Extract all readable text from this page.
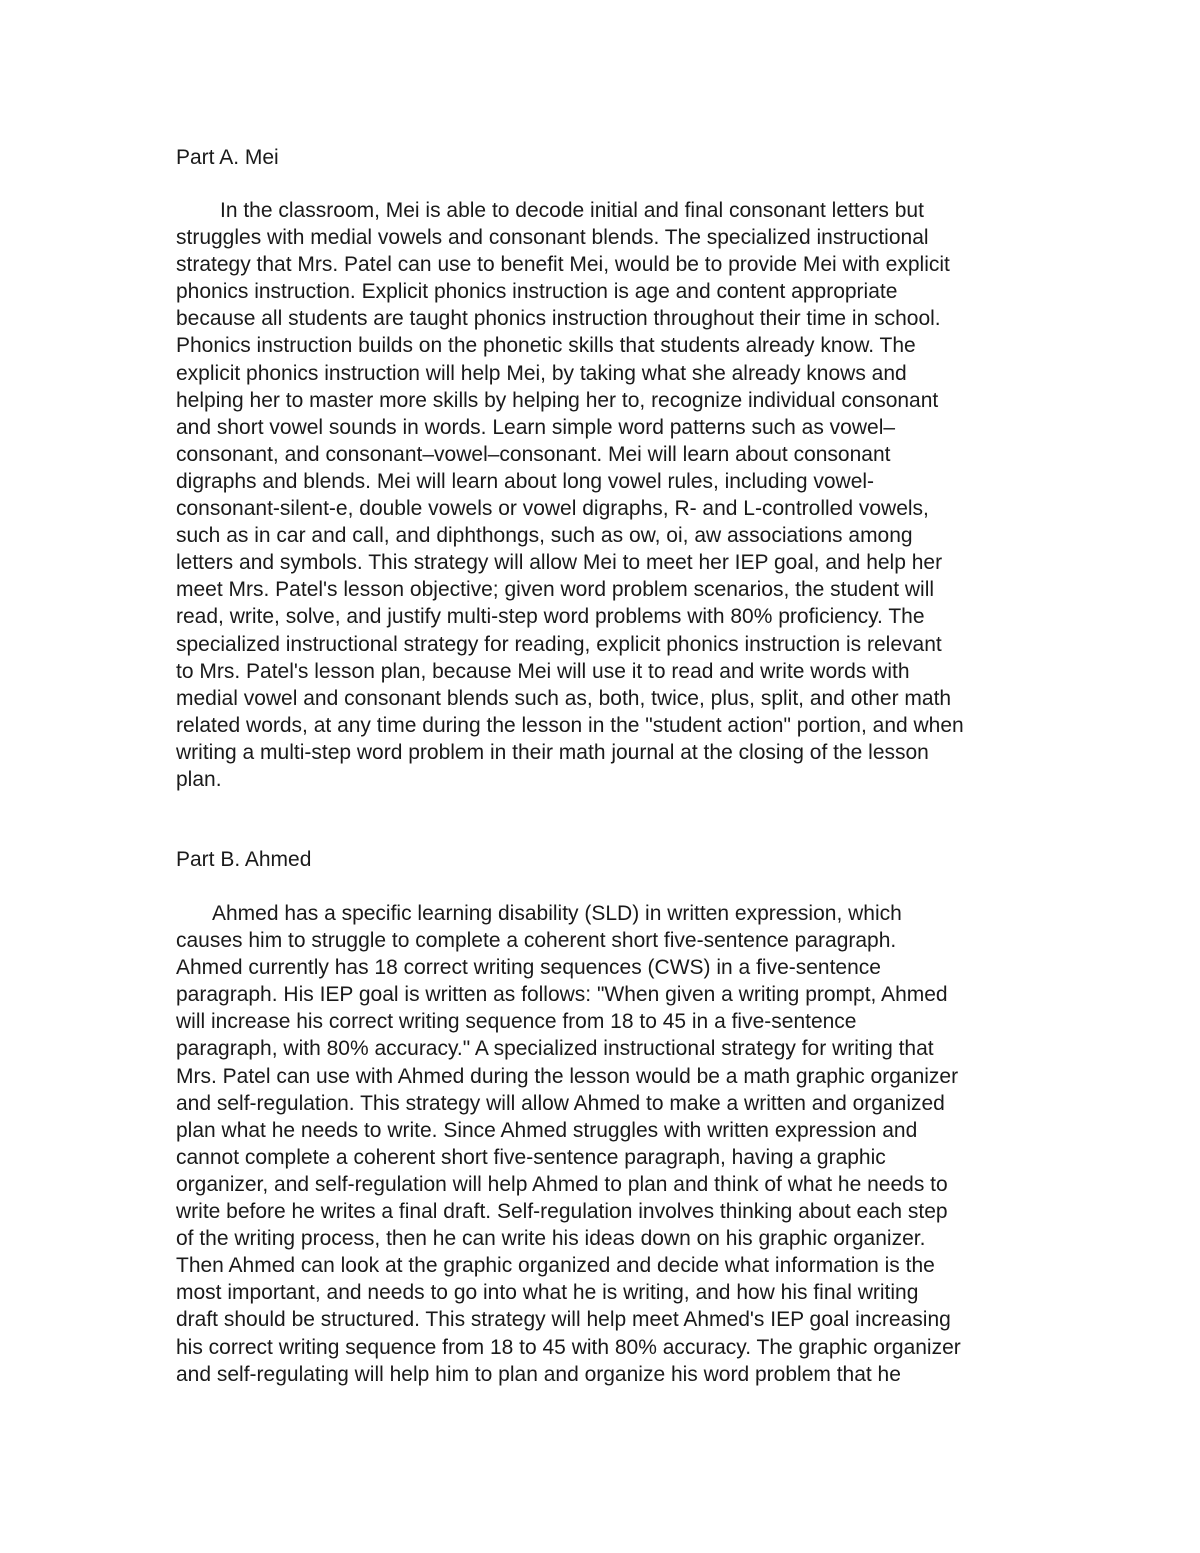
Part A. Mei
In the classroom, Mei is able to decode initial and final consonant letters but
struggles with medial vowels and consonant blends. The specialized instructional
strategy that Mrs. Patel can use to benefit Mei, would be to provide Mei with explicit
phonics instruction. Explicit phonics instruction is age and content appropriate
because all students are taught phonics instruction throughout their time in school.
Phonics instruction builds on the phonetic skills that students already know. The
explicit phonics instruction will help Mei, by taking what she already knows and
helping her to master more skills by helping her to, recognize individual consonant
and short vowel sounds in words. Learn simple word patterns such as vowel–
consonant, and consonant–vowel–consonant. Mei will learn about consonant
digraphs and blends. Mei will learn about long vowel rules, including vowel-
consonant-silent-e, double vowels or vowel digraphs, R- and L-controlled vowels,
such as in car and call, and diphthongs, such as ow, oi, aw associations among
letters and symbols. This strategy will allow Mei to meet her IEP goal, and help her
meet Mrs. Patel's lesson objective; given word problem scenarios, the student will
read, write, solve, and justify multi-step word problems with 80% proficiency. The
specialized instructional strategy for reading, explicit phonics instruction is relevant
to Mrs. Patel's lesson plan, because Mei will use it to read and write words with
medial vowel and consonant blends such as, both, twice, plus, split, and other math
related words, at any time during the lesson in the "student action" portion, and when
writing a multi-step word problem in their math journal at the closing of the lesson
plan.
Part B. Ahmed
Ahmed has a specific learning disability (SLD) in written expression, which
causes him to struggle to complete a coherent short five-sentence paragraph.
Ahmed currently has 18 correct writing sequences (CWS) in a five-sentence
paragraph. His IEP goal is written as follows: "When given a writing prompt, Ahmed
will increase his correct writing sequence from 18 to 45 in a five-sentence
paragraph, with 80% accuracy." A specialized instructional strategy for writing that
Mrs. Patel can use with Ahmed during the lesson would be a math graphic organizer
and self-regulation. This strategy will allow Ahmed to make a written and organized
plan what he needs to write. Since Ahmed struggles with written expression and
cannot complete a coherent short five-sentence paragraph, having a graphic
organizer, and self-regulation will help Ahmed to plan and think of what he needs to
write before he writes a final draft. Self-regulation involves thinking about each step
of the writing process, then he can write his ideas down on his graphic organizer.
Then Ahmed can look at the graphic organized and decide what information is the
most important, and needs to go into what he is writing, and how his final writing
draft should be structured. This strategy will help meet Ahmed's IEP goal increasing
his correct writing sequence from 18 to 45 with 80% accuracy. The graphic organizer
and self-regulating will help him to plan and organize his word problem that he
